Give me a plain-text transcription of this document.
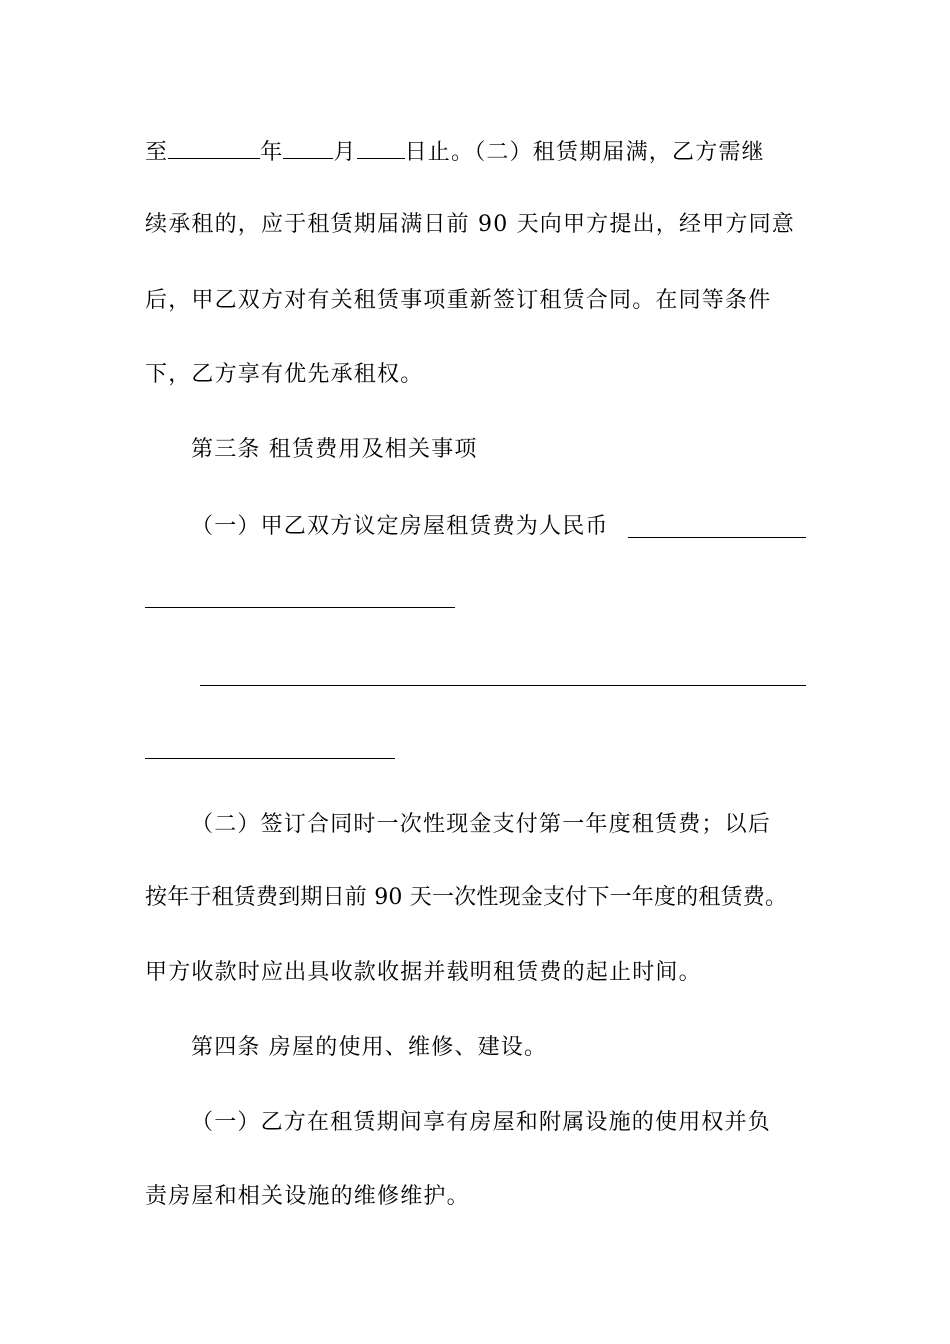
至	年 月 日止。（二）租赁期届满，乙方需继
续承租的，应于租赁期届满日前 90 天向甲方提出，经甲方同意
后，甲乙双方对有关租赁事项重新签订租赁合同。在同等条件
下，乙方享有优先承租权。
第三条 租赁费用及相关事项
（一）甲乙双方议定房屋租赁费为人民币
（二）签订合同时一次性现金支付第一年度租赁费；以后
按年于租赁费到期日前 90 天一次性现金支付下一年度的租赁费。
甲方收款时应出具收款收据并载明租赁费的起止时间。
第四条 房屋的使用、维修、建设。
（一）乙方在租赁期间享有房屋和附属设施的使用权并负
责房屋和相关设施的维修维护。
